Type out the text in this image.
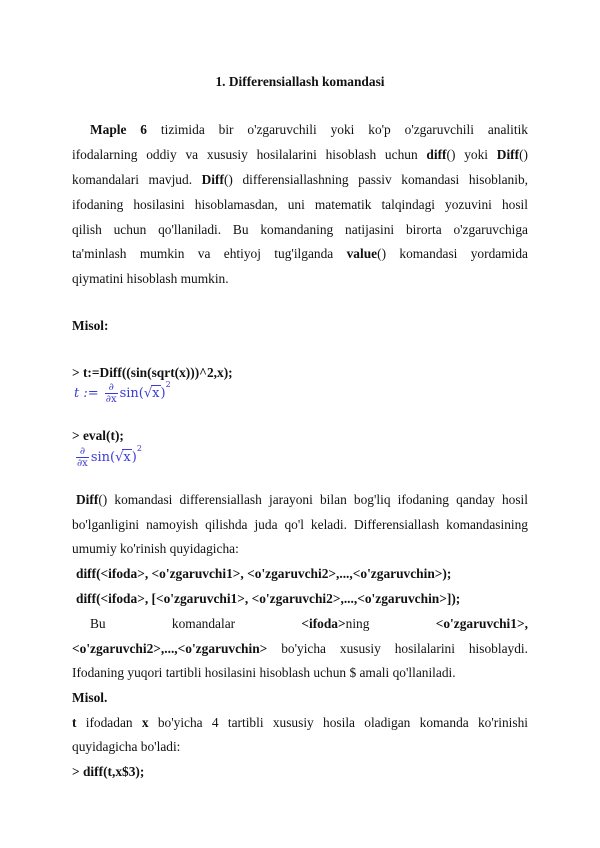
1. Differensiallash komandasi
Maple 6 tizimida bir o'zgaruvchili yoki ko'p o'zgaruvchili analitik
ifodalarning oddiy va xususiy hosilalarini hisoblash uchun diff() yoki Diff()
komandalari mavjud. Diff() differensiallashning passiv komandasi hisoblanib,
ifodaning hosilasini hisoblamasdan, uni matematik talqindagi yozuvini hosil
qilish uchun qo'llaniladi. Bu komandaning natijasini birorta o'zgaruvchiga
ta'minlash mumkin va ehtiyoj tug'ilganda value() komandasi yordamida
qiymatini hisoblash mumkin.
Misol:
> t:=Diff((sin(sqrt(x)))^2,x);
t := $\frac{\partial}{\partial x} \sin(√x)^2$
> eval(t);
$\frac{\partial}{\partial x} \sin(√x)^2$
Diff() komandasi differensiallash jarayoni bilan bog'liq ifodaning qanday hosil
bo'lganligini namoyish qilishda juda qo'l keladi. Differensiallash komandasining
umumiy ko'rinish quyidagicha:
diff(<ifoda>, <o'zgaruvchi1>, <o'zgaruvchi2>,...,<o'zgaruvchin>);
diff(<ifoda>, [<o'zgaruvchi1>, <o'zgaruvchi2>,...,<o'zgaruvchin>]);
Bu	komandalar	<ifoda>ning	<o'zgaruvchi1>,
<o'zgaruvchi2>,...,<o'zgaruvchin> bo'yicha xususiy hosilalarini hisoblaydi.
Ifodaning yuqori tartibli hosilasini hisoblash uchun $ amali qo'llaniladi.
Misol.
t ifodadan x bo'yicha 4 tartibli xususiy hosila oladigan komanda ko'rinishi
quyidagicha bo'ladi:
> diff(t,x$3);
